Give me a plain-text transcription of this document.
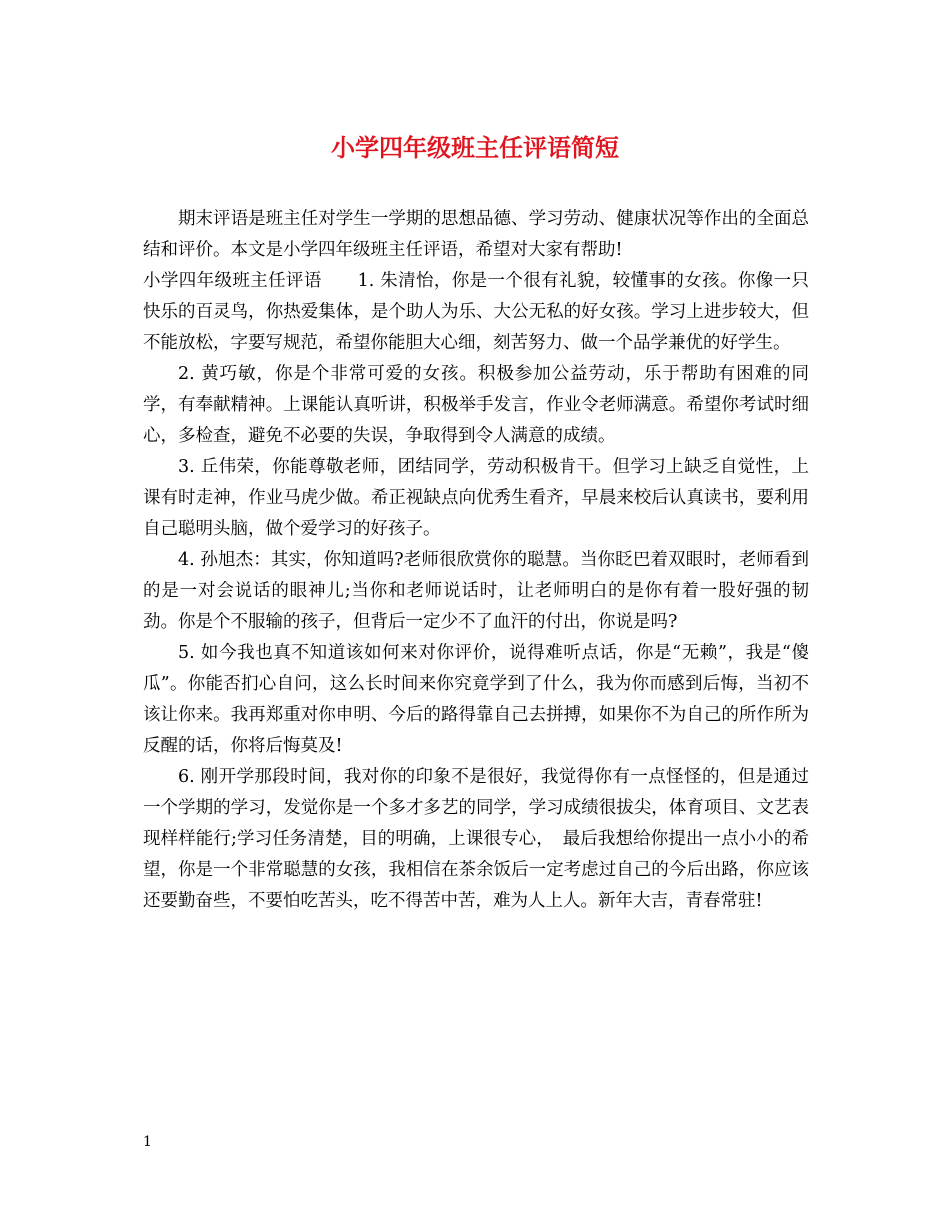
小学四年级班主任评语简短

期末评语是班主任对学生一学期的思想品德、学习劳动、健康状况等作出的全面总结和评价。本文是小学四年级班主任评语，希望对大家有帮助!

小学四年级班主任评语　　1. 朱清怡，你是一个很有礼貌，较懂事的女孩。你像一只快乐的百灵鸟，你热爱集体，是个助人为乐、大公无私的好女孩。学习上进步较大，但不能放松，字要写规范，希望你能胆大心细，刻苦努力、做一个品学兼优的好学生。

2. 黄巧敏，你是个非常可爱的女孩。积极参加公益劳动，乐于帮助有困难的同学，有奉献精神。上课能认真听讲，积极举手发言，作业令老师满意。希望你考试时细心，多检查，避免不必要的失误，争取得到令人满意的成绩。

3. 丘伟荣，你能尊敬老师，团结同学，劳动积极肯干。但学习上缺乏自觉性，上课有时走神，作业马虎少做。希正视缺点向优秀生看齐，早晨来校后认真读书，要利用自己聪明头脑，做个爱学习的好孩子。

4. 孙旭杰：其实，你知道吗?老师很欣赏你的聪慧。当你眨巴着双眼时，老师看到的是一对会说话的眼神儿;当你和老师说话时，让老师明白的是你有着一股好强的韧劲。你是个不服输的孩子，但背后一定少不了血汗的付出，你说是吗?

5. 如今我也真不知道该如何来对你评价，说得难听点话，你是“无赖”，我是“傻瓜”。你能否扪心自问，这么长时间来你究竟学到了什么，我为你而感到后悔，当初不该让你来。我再郑重对你申明、今后的路得靠自己去拼搏，如果你不为自己的所作所为反醒的话，你将后悔莫及!

6. 刚开学那段时间，我对你的印象不是很好，我觉得你有一点怪怪的，但是通过一个学期的学习，发觉你是一个多才多艺的同学，学习成绩很拔尖，体育项目、文艺表现样样能行;学习任务清楚，目的明确，上课很专心，　最后我想给你提出一点小小的希望，你是一个非常聪慧的女孩，我相信在茶余饭后一定考虑过自己的今后出路，你应该还要勤奋些，不要怕吃苦头，吃不得苦中苦，难为人上人。新年大吉，青春常驻!

1
